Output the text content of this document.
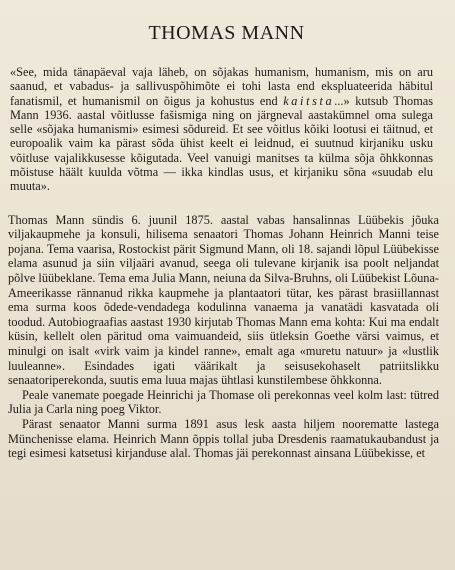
THOMAS MANN

«See, mida tänapäeval vaja läheb, on sõjakas humanism, humanism, mis on aru saanud, et vabadus- ja sallivuspõhimõte ei tohi lasta end ekspluateerida häbitul fanatismil, et humanismil on õigus ja kohustus end kaitsta...» kutsub Thomas Mann 1936. aastal võitlusse fašismiga ning on järgneval aastakümnel oma sulega selle «sõjaka humanismi» esimesi sõdureid. Et see võitlus kõiki lootusi ei täitnud, et europoalik vaim ka pärast sõda ühist keelt ei leidnud, ei suutnud kirjaniku usku võitluse vajalikkusesse kõigutada. Veel vanuigi manitses ta külma sõja õhkkonnas mõistuse häält kuulda võtma — ikka kindlas usus, et kirjaniku sõna «suudab elu muuta».

Thomas Mann sündis 6. juunil 1875. aastal vabas hansalinnas Lüübekis jõuka viljakaupmehe ja konsuli, hilisema senaatori Thomas Johann Heinrich Manni teise pojana. Tema vaarisa, Rostockist pärit Sigmund Mann, oli 18. sajandi lõpul Lüübekisse elama asunud ja siin viljaäri avanud, seega oli tulevane kirjanik isa poolt neljandat põlve lüübeklane. Tema ema Julia Mann, neiuna da Silva-Bruhns, oli Lüübekist Lõuna-Ameerikasse rännanud rikka kaupmehe ja plantaatori tütar, kes pärast brasiillannast ema surma koos õdede-vendadega kodulinna vanaema ja vanatädi kasvatada oli toodud. Autobiograafias aastast 1930 kirjutab Thomas Mann ema kohta: Kui ma endalt küsin, kellelt olen päritud oma vaimuandeid, siis ütleksin Goethe värsi vaimus, et minulgi on isalt «virk vaim ja kindel ranne», emalt aga «muretu natuur» ja «lustlik luuleanne». Esindades igati väärikalt ja seisusekohaselt patriitslikku senaatoriperekonda, suutis ema luua majas ühtlasi kunstilembese õhkkonna.

Peale vanemate poegade Heinrichi ja Thomase oli perekonnas veel kolm last: tütred Julia ja Carla ning poeg Viktor.

Pärast senaator Manni surma 1891 asus lesk aasta hiljem noorematte lastega Münchenisse elama. Heinrich Mann õppis tollal juba Dresdenis raamatukaubandust ja tegi esimesi katsetusi kirjanduse alal. Thomas jäi perekonnast ainsana Lüübekisse, et
